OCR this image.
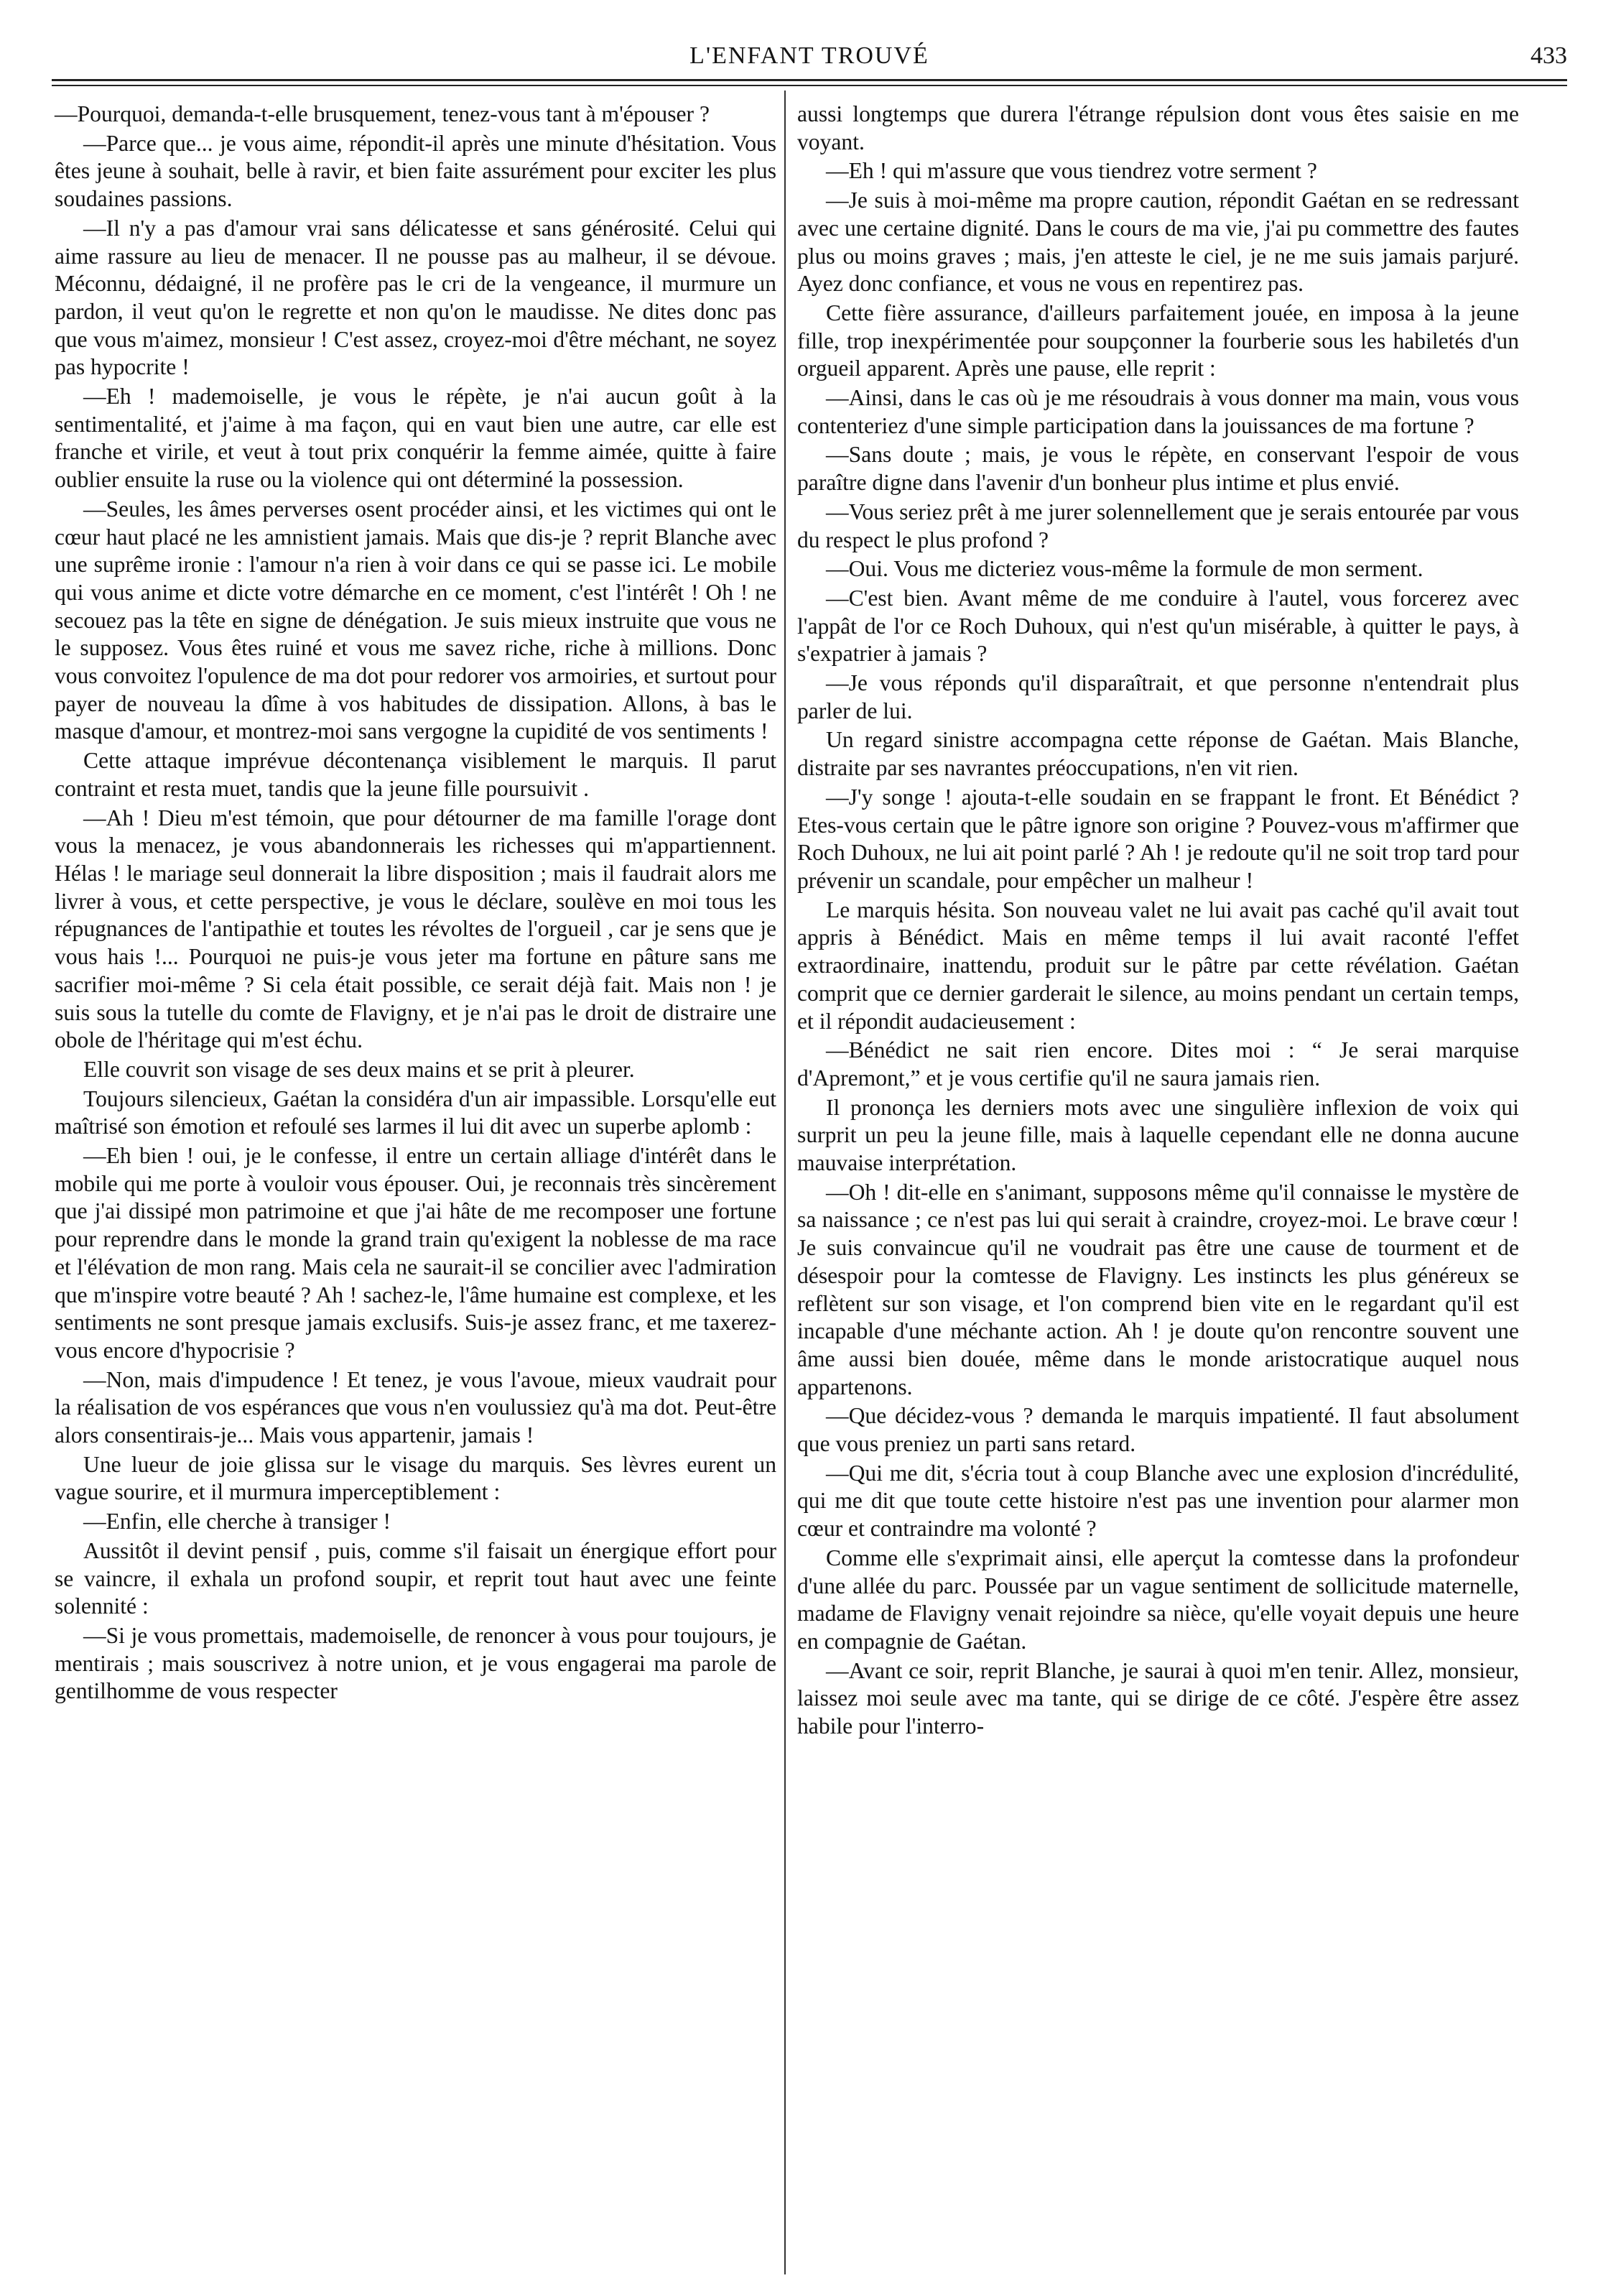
L'ENFANT TROUVÉ	433

—Pourquoi, demanda-t-elle brusquement, tenez-vous tant à m'épouser ?

—Parce que... je vous aime, répondit-il après une minute d'hésitation. Vous êtes jeune à souhait, belle à ravir, et bien faite assurément pour exciter les plus soudaines passions.

—Il n'y a pas d'amour vrai sans délicatesse et sans générosité. Celui qui aime rassure au lieu de menacer. Il ne pousse pas au malheur, il se dévoue. Méconnu, dédaigné, il ne profère pas le cri de la vengeance, il murmure un pardon, il veut qu'on le regrette et non qu'on le maudisse. Ne dites donc pas que vous m'aimez, monsieur ! C'est assez, croyez-moi d'être méchant, ne soyez pas hypocrite !

—Eh ! mademoiselle, je vous le répète, je n'ai aucun goût à la sentimentalité, et j'aime à ma façon, qui en vaut bien une autre, car elle est franche et virile, et veut à tout prix conquérir la femme aimée, quitte à faire oublier ensuite la ruse ou la violence qui ont déterminé la possession.

—Seules, les âmes perverses osent procéder ainsi, et les victimes qui ont le cœur haut placé ne les amnistient jamais. Mais que dis-je ? reprit Blanche avec une suprême ironie : l'amour n'a rien à voir dans ce qui se passe ici. Le mobile qui vous anime et dicte votre démarche en ce moment, c'est l'intérêt ! Oh ! ne secouez pas la tête en signe de dénégation. Je suis mieux instruite que vous ne le supposez. Vous êtes ruiné et vous me savez riche, riche à millions. Donc vous convoitez l'opulence de ma dot pour redorer vos armoiries, et surtout pour payer de nouveau la dîme à vos habitudes de dissipation. Allons, à bas le masque d'amour, et montrez-moi sans vergogne la cupidité de vos sentiments !

Cette attaque imprévue décontenança visiblement le marquis. Il parut contraint et resta muet, tandis que la jeune fille poursuivit .

—Ah ! Dieu m'est témoin, que pour détourner de ma famille l'orage dont vous la menacez, je vous abandonnerais les richesses qui m'appartiennent. Hélas ! le mariage seul donnerait la libre disposition ; mais il faudrait alors me livrer à vous, et cette perspective, je vous le déclare, soulève en moi tous les répugnances de l'antipathie et toutes les révoltes de l'orgueil , car je sens que je vous hais !... Pourquoi ne puis-je vous jeter ma fortune en pâture sans me sacrifier moi-même ? Si cela était possible, ce serait déjà fait. Mais non ! je suis sous la tutelle du comte de Flavigny, et je n'ai pas le droit de distraire une obole de l'héritage qui m'est échu.

Elle couvrit son visage de ses deux mains et se prit à pleurer.

Toujours silencieux, Gaétan la considéra d'un air impassible. Lorsqu'elle eut maîtrisé son émotion et refoulé ses larmes il lui dit avec un superbe aplomb :

—Eh bien ! oui, je le confesse, il entre un certain alliage d'intérêt dans le mobile qui me porte à vouloir vous épouser. Oui, je reconnais très sincèrement que j'ai dissipé mon patrimoine et que j'ai hâte de me recomposer une fortune pour reprendre dans le monde la grand train qu'exigent la noblesse de ma race et l'élévation de mon rang. Mais cela ne saurait-il se concilier avec l'admiration que m'inspire votre beauté ? Ah ! sachez-le, l'âme humaine est complexe, et les sentiments ne sont presque jamais exclusifs. Suis-je assez franc, et me taxerez-vous encore d'hypocrisie ?

—Non, mais d'impudence ! Et tenez, je vous l'avoue, mieux vaudrait pour la réalisation de vos espérances que vous n'en voulussiez qu'à ma dot. Peut-être alors consentirais-je... Mais vous appartenir, jamais !

Une lueur de joie glissa sur le visage du marquis. Ses lèvres eurent un vague sourire, et il murmura imperceptiblement :

—Enfin, elle cherche à transiger !

Aussitôt il devint pensif , puis, comme s'il faisait un énergique effort pour se vaincre, il exhala un profond soupir, et reprit tout haut avec une feinte solennité :

—Si je vous promettais, mademoiselle, de renoncer à vous pour toujours, je mentirais ; mais souscrivez à notre union, et je vous engagerai ma parole de gentilhomme de vous respecter

aussi longtemps que durera l'étrange répulsion dont vous êtes saisie en me voyant.

—Eh ! qui m'assure que vous tiendrez votre serment ?

—Je suis à moi-même ma propre caution, répondit Gaétan en se redressant avec une certaine dignité. Dans le cours de ma vie, j'ai pu commettre des fautes plus ou moins graves ; mais, j'en atteste le ciel, je ne me suis jamais parjuré. Ayez donc confiance, et vous ne vous en repentirez pas.

Cette fière assurance, d'ailleurs parfaitement jouée, en imposa à la jeune fille, trop inexpérimentée pour soupçonner la fourberie sous les habiletés d'un orgueil apparent. Après une pause, elle reprit :

—Ainsi, dans le cas où je me résoudrais à vous donner ma main, vous vous contenteriez d'une simple participation dans la jouissances de ma fortune ?

—Sans doute ; mais, je vous le répète, en conservant l'espoir de vous paraître digne dans l'avenir d'un bonheur plus intime et plus envié.

—Vous seriez prêt à me jurer solennellement que je serais entourée par vous du respect le plus profond ?

—Oui. Vous me dicteriez vous-même la formule de mon serment.

—C'est bien. Avant même de me conduire à l'autel, vous forcerez avec l'appât de l'or ce Roch Duhoux, qui n'est qu'un misérable, à quitter le pays, à s'expatrier à jamais ?

—Je vous réponds qu'il disparaîtrait, et que personne n'entendrait plus parler de lui.

Un regard sinistre accompagna cette réponse de Gaétan. Mais Blanche, distraite par ses navrantes préoccupations, n'en vit rien.

—J'y songe ! ajouta-t-elle soudain en se frappant le front. Et Bénédict ? Etes-vous certain que le pâtre ignore son origine ? Pouvez-vous m'affirmer que Roch Duhoux, ne lui ait point parlé ? Ah ! je redoute qu'il ne soit trop tard pour prévenir un scandale, pour empêcher un malheur !

Le marquis hésita. Son nouveau valet ne lui avait pas caché qu'il avait tout appris à Bénédict. Mais en même temps il lui avait raconté l'effet extraordinaire, inattendu, produit sur le pâtre par cette révélation. Gaétan comprit que ce dernier garderait le silence, au moins pendant un certain temps, et il répondit audacieusement :

—Bénédict ne sait rien encore. Dites moi : “ Je serai marquise d'Apremont,” et je vous certifie qu'il ne saura jamais rien.

Il prononça les derniers mots avec une singulière inflexion de voix qui surprit un peu la jeune fille, mais à laquelle cependant elle ne donna aucune mauvaise interprétation.

—Oh ! dit-elle en s'animant, supposons même qu'il connaisse le mystère de sa naissance ; ce n'est pas lui qui serait à craindre, croyez-moi. Le brave cœur ! Je suis convaincue qu'il ne voudrait pas être une cause de tourment et de désespoir pour la comtesse de Flavigny. Les instincts les plus généreux se reflètent sur son visage, et l'on comprend bien vite en le regardant qu'il est incapable d'une méchante action. Ah ! je doute qu'on rencontre souvent une âme aussi bien douée, même dans le monde aristocratique auquel nous appartenons.

—Que décidez-vous ? demanda le marquis impatienté. Il faut absolument que vous preniez un parti sans retard.

—Qui me dit, s'écria tout à coup Blanche avec une explosion d'incrédulité, qui me dit que toute cette histoire n'est pas une invention pour alarmer mon cœur et contraindre ma volonté ?

Comme elle s'exprimait ainsi, elle aperçut la comtesse dans la profondeur d'une allée du parc. Poussée par un vague sentiment de sollicitude maternelle, madame de Flavigny venait rejoindre sa nièce, qu'elle voyait depuis une heure en compagnie de Gaétan.

—Avant ce soir, reprit Blanche, je saurai à quoi m'en tenir. Allez, monsieur, laissez moi seule avec ma tante, qui se dirige de ce côté. J'espère être assez habile pour l'interro-
